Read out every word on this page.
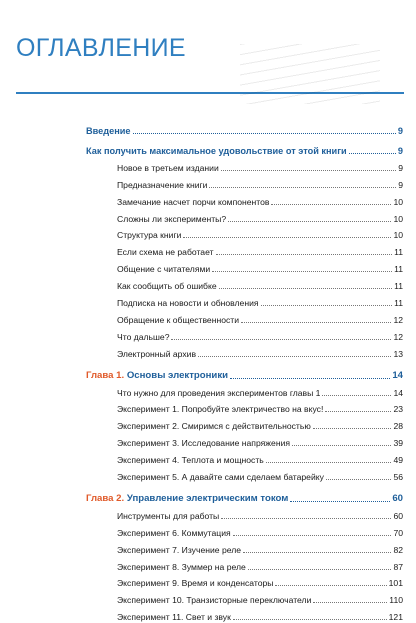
ОГЛАВЛЕНИЕ
Введение	9
Как получить максимальное удовольствие от этой книги	9
Новое в третьем издании	9
Предназначение книги	9
Замечание насчет порчи компонентов	10
Сложны ли эксперименты?	10
Структура книги	10
Если схема не работает	11
Общение с читателями	11
Как сообщить об ошибке	11
Подписка на новости и обновления	11
Обращение к общественности	12
Что дальше?	12
Электронный архив	13
Глава 1. Основы электроники	14
Что нужно для проведения экспериментов главы 1	14
Эксперимент 1. Попробуйте электричество на вкус!	23
Эксперимент 2. Смиримся с действительностью	28
Эксперимент 3. Исследование напряжения	39
Эксперимент 4. Теплота и мощность	49
Эксперимент 5. А давайте сами сделаем батарейку	56
Глава 2. Управление электрическим током	60
Инструменты для работы	60
Эксперимент 6. Коммутация	70
Эксперимент 7. Изучение реле	82
Эксперимент 8. Зуммер на реле	87
Эксперимент 9. Время и конденсаторы	101
Эксперимент 10. Транзисторные переключатели	110
Эксперимент 11. Свет и звук	121
